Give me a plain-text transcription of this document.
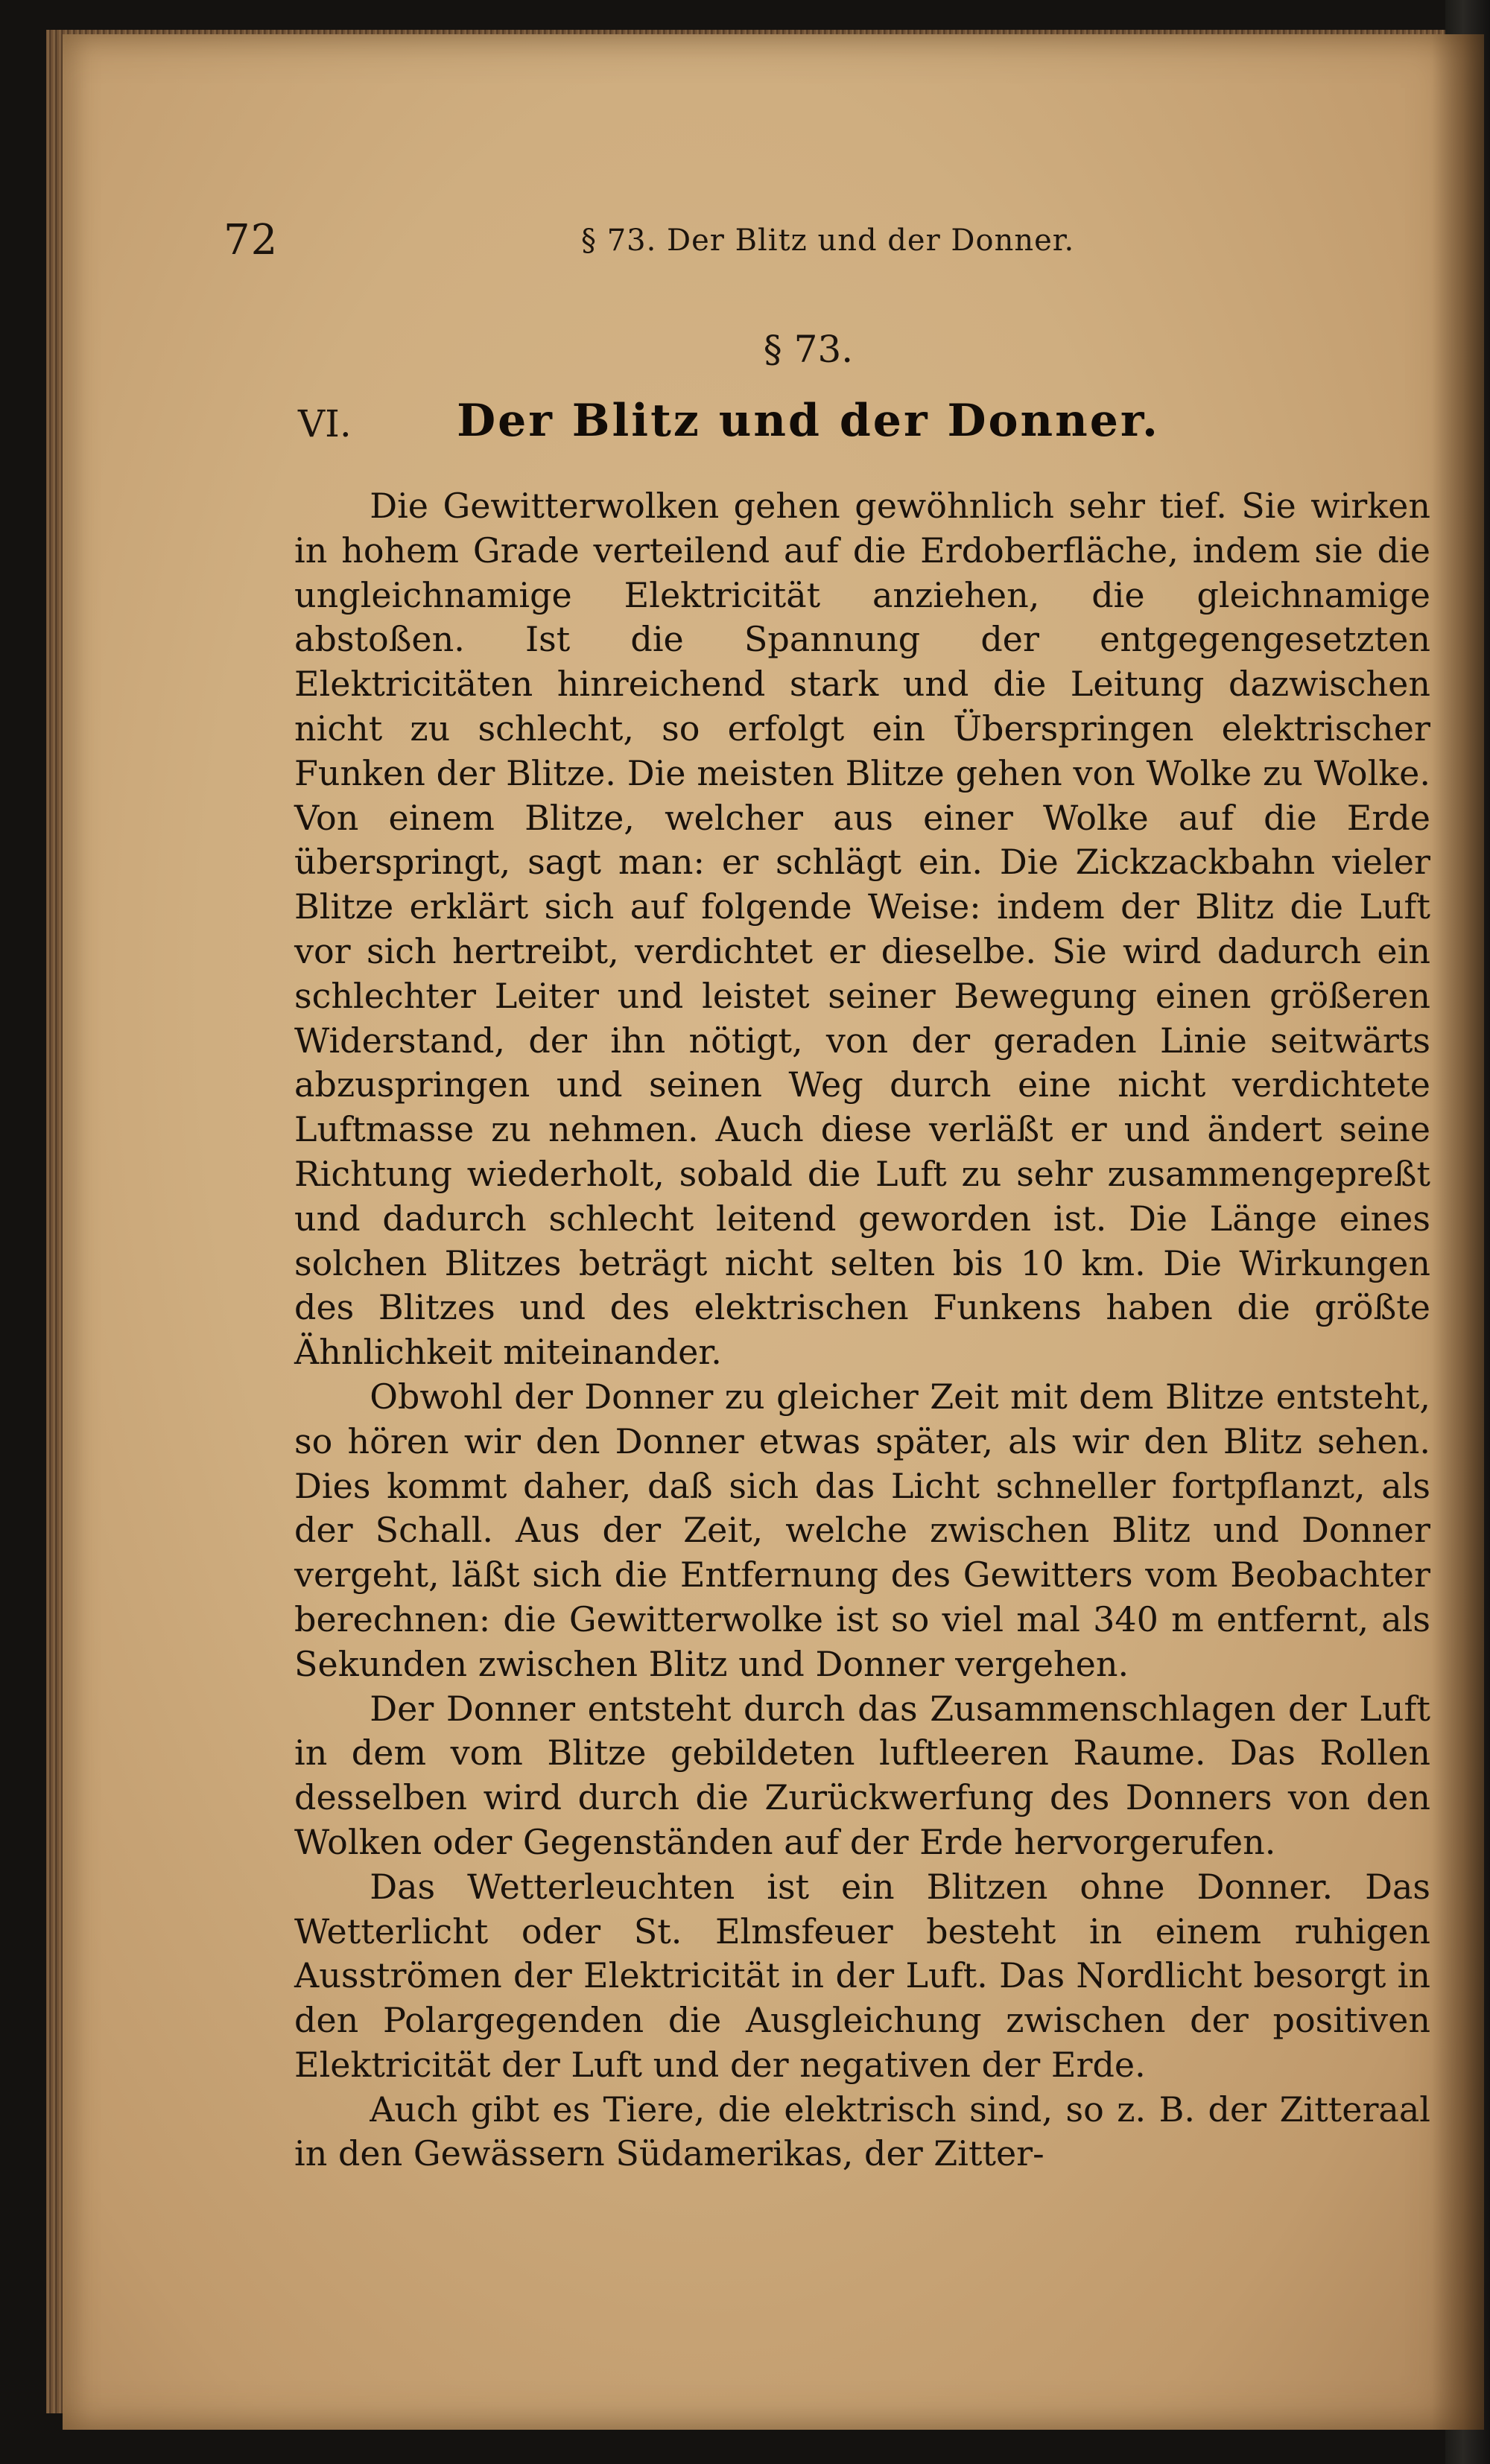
72	§ 73. Der Blitz und der Donner.
§ 73.
VI.	Der Blitz und der Donner.

Die Gewitterwolken gehen gewöhnlich sehr tief. Sie wirken in hohem Grade verteilend auf die Erdoberfläche, indem sie die ungleichnamige Elektricität anziehen, die gleichnamige abstoßen. Ist die Spannung der entgegengesetzten Elektricitäten hinreichend stark und die Leitung dazwischen nicht zu schlecht, so erfolgt ein Überspringen elektrischer Funken der Blitze. Die meisten Blitze gehen von Wolke zu Wolke. Von einem Blitze, welcher aus einer Wolke auf die Erde überspringt, sagt man: er schlägt ein. Die Zickzackbahn vieler Blitze erklärt sich auf folgende Weise: indem der Blitz die Luft vor sich hertreibt, verdichtet er dieselbe. Sie wird dadurch ein schlechter Leiter und leistet seiner Bewegung einen größeren Widerstand, der ihn nötigt, von der geraden Linie seitwärts abzuspringen und seinen Weg durch eine nicht verdichtete Luftmasse zu nehmen. Auch diese verläßt er und ändert seine Richtung wiederholt, sobald die Luft zu sehr zusammengepreßt und dadurch schlecht leitend geworden ist. Die Länge eines solchen Blitzes beträgt nicht selten bis 10 km. Die Wirkungen des Blitzes und des elektrischen Funkens haben die größte Ähnlichkeit miteinander.

Obwohl der Donner zu gleicher Zeit mit dem Blitze entsteht, so hören wir den Donner etwas später, als wir den Blitz sehen. Dies kommt daher, daß sich das Licht schneller fortpflanzt, als der Schall. Aus der Zeit, welche zwischen Blitz und Donner vergeht, läßt sich die Entfernung des Gewitters vom Beobachter berechnen: die Gewitterwolke ist so viel mal 340 m entfernt, als Sekunden zwischen Blitz und Donner vergehen.

Der Donner entsteht durch das Zusammenschlagen der Luft in dem vom Blitze gebildeten luftleeren Raume. Das Rollen desselben wird durch die Zurückwerfung des Donners von den Wolken oder Gegenständen auf der Erde hervorgerufen.

Das Wetterleuchten ist ein Blitzen ohne Donner. Das Wetterlicht oder St. Elmsfeuer besteht in einem ruhigen Ausströmen der Elektricität in der Luft. Das Nordlicht besorgt in den Polargegenden die Ausgleichung zwischen der positiven Elektricität der Luft und der negativen der Erde.

Auch gibt es Tiere, die elektrisch sind, so z. B. der Zitteraal in den Gewässern Südamerikas, der Zitter-
